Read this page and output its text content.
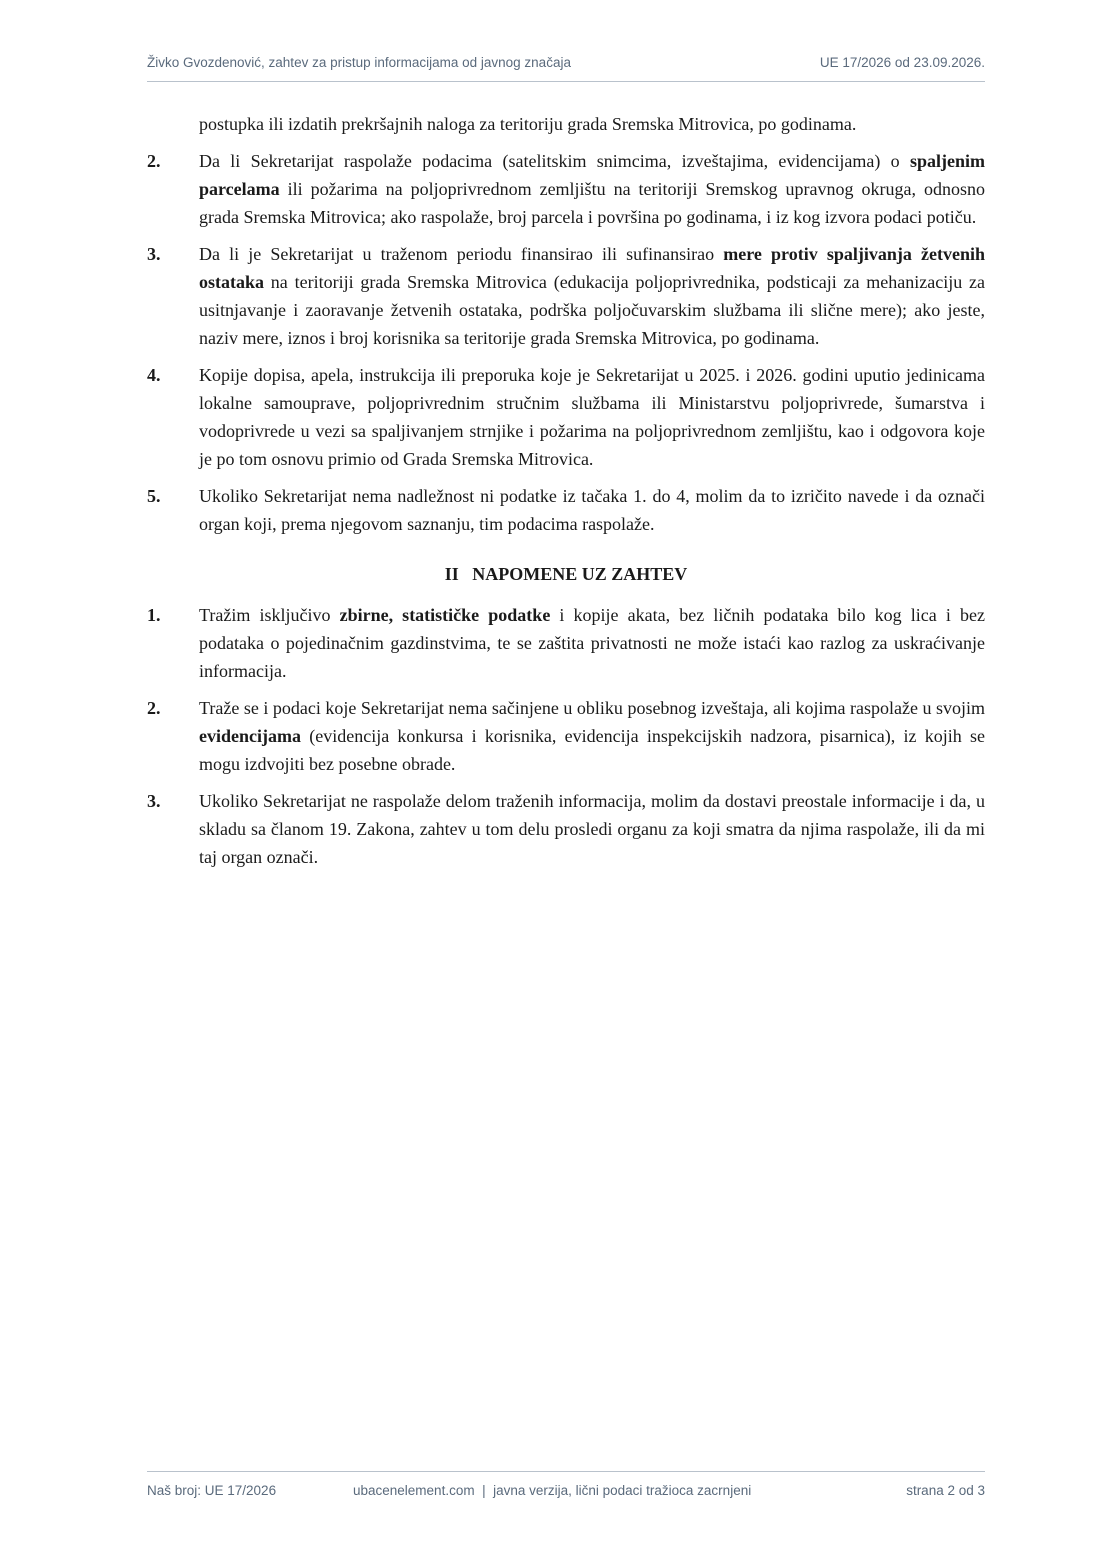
Živko Gvozdenović, zahtev za pristup informacijama od javnog značaja	UE 17/2026 od 23.09.2026.

postupka ili izdatih prekršajnih naloga za teritoriju grada Sremska Mitrovica, po godinama.

2.	Da li Sekretarijat raspolaže podacima (satelitskim snimcima, izveštajima, evidencijama) o spaljenim parcelama ili požarima na poljoprivrednom zemljištu na teritoriji Sremskog upravnog okruga, odnosno grada Sremska Mitrovica; ako raspolaže, broj parcela i površina po godinama, i iz kog izvora podaci potiču.
3.	Da li je Sekretarijat u traženom periodu finansirao ili sufinansirao mere protiv spaljivanja žetvenih ostataka na teritoriji grada Sremska Mitrovica (edukacija poljoprivrednika, podsticaji za mehanizaciju za usitnjavanje i zaoravanje žetvenih ostataka, podrška poljočuvarskim službama ili slične mere); ako jeste, naziv mere, iznos i broj korisnika sa teritorije grada Sremska Mitrovica, po godinama.
4.	Kopije dopisa, apela, instrukcija ili preporuka koje je Sekretarijat u 2025. i 2026. godini uputio jedinicama lokalne samouprave, poljoprivrednim stručnim službama ili Ministarstvu poljoprivrede, šumarstva i vodoprivrede u vezi sa spaljivanjem strnjike i požarima na poljoprivrednom zemljištu, kao i odgovora koje je po tom osnovu primio od Grada Sremska Mitrovica.
5.	Ukoliko Sekretarijat nema nadležnost ni podatke iz tačaka 1. do 4, molim da to izričito navede i da označi organ koji, prema njegovom saznanju, tim podacima raspolaže.
II   NAPOMENE UZ ZAHTEV
1.	Tražim isključivo zbirne, statističke podatke i kopije akata, bez ličnih podataka bilo kog lica i bez podataka o pojedinačnim gazdinstvima, te se zaštita privatnosti ne može istaći kao razlog za uskraćivanje informacija.
2.	Traže se i podaci koje Sekretarijat nema sačinjene u obliku posebnog izveštaja, ali kojima raspolaže u svojim evidencijama (evidencija konkursa i korisnika, evidencija inspekcijskih nadzora, pisarnica), iz kojih se mogu izdvojiti bez posebne obrade.
3.	Ukoliko Sekretarijat ne raspolaže delom traženih informacija, molim da dostavi preostale informacije i da, u skladu sa članom 19. Zakona, zahtev u tom delu prosledi organu za koji smatra da njima raspolaže, ili da mi taj organ označi.
Naš broj: UE 17/2026	ubacenelement.com  |  javna verzija, lični podaci tražioca zacrnjeni	strana 2 od 3
